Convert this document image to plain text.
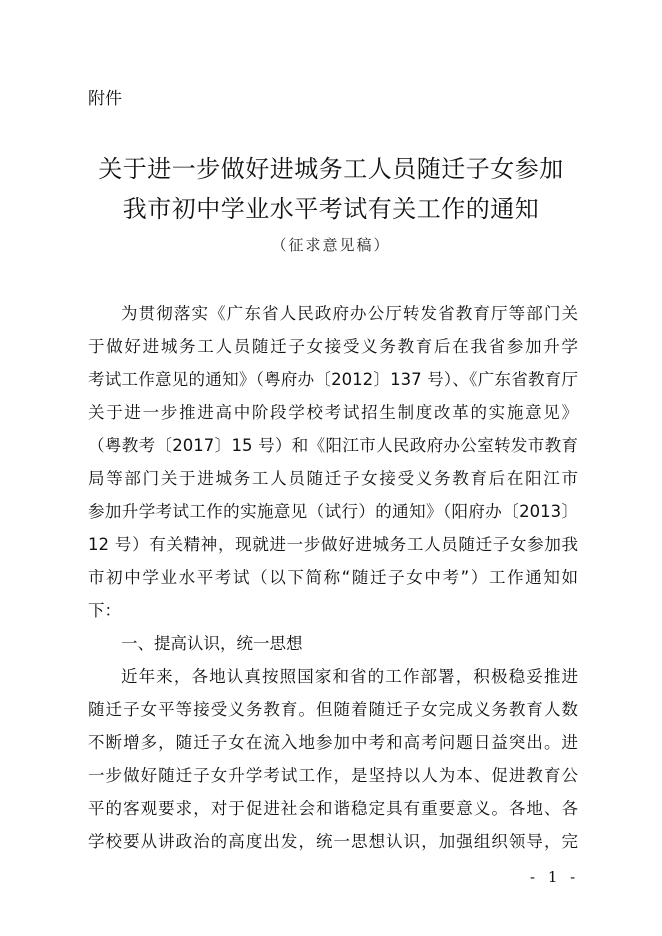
附件
关于进一步做好进城务工人员随迁子女参加
我市初中学业水平考试有关工作的通知
（征求意见稿）
为贯彻落实《广东省人民政府办公厅转发省教育厅等部门关
于做好进城务工人员随迁子女接受义务教育后在我省参加升学
考试工作意见的通知》（粤府办〔2012〕137 号）、《广东省教育厅
关于进一步推进高中阶段学校考试招生制度改革的实施意见》
（粤教考〔2017〕15 号）和《阳江市人民政府办公室转发市教育
局等部门关于进城务工人员随迁子女接受义务教育后在阳江市
参加升学考试工作的实施意见（试行）的通知》（阳府办〔2013〕
12 号）有关精神，现就进一步做好进城务工人员随迁子女参加我
市初中学业水平考试（以下简称“随迁子女中考”）工作通知如
下：
一、提高认识，统一思想
近年来，各地认真按照国家和省的工作部署，积极稳妥推进
随迁子女平等接受义务教育。但随着随迁子女完成义务教育人数
不断增多，随迁子女在流入地参加中考和高考问题日益突出。进
一步做好随迁子女升学考试工作，是坚持以人为本、促进教育公
平的客观要求，对于促进社会和谐稳定具有重要意义。各地、各
学校要从讲政治的高度出发，统一思想认识，加强组织领导，完
- 1 -
